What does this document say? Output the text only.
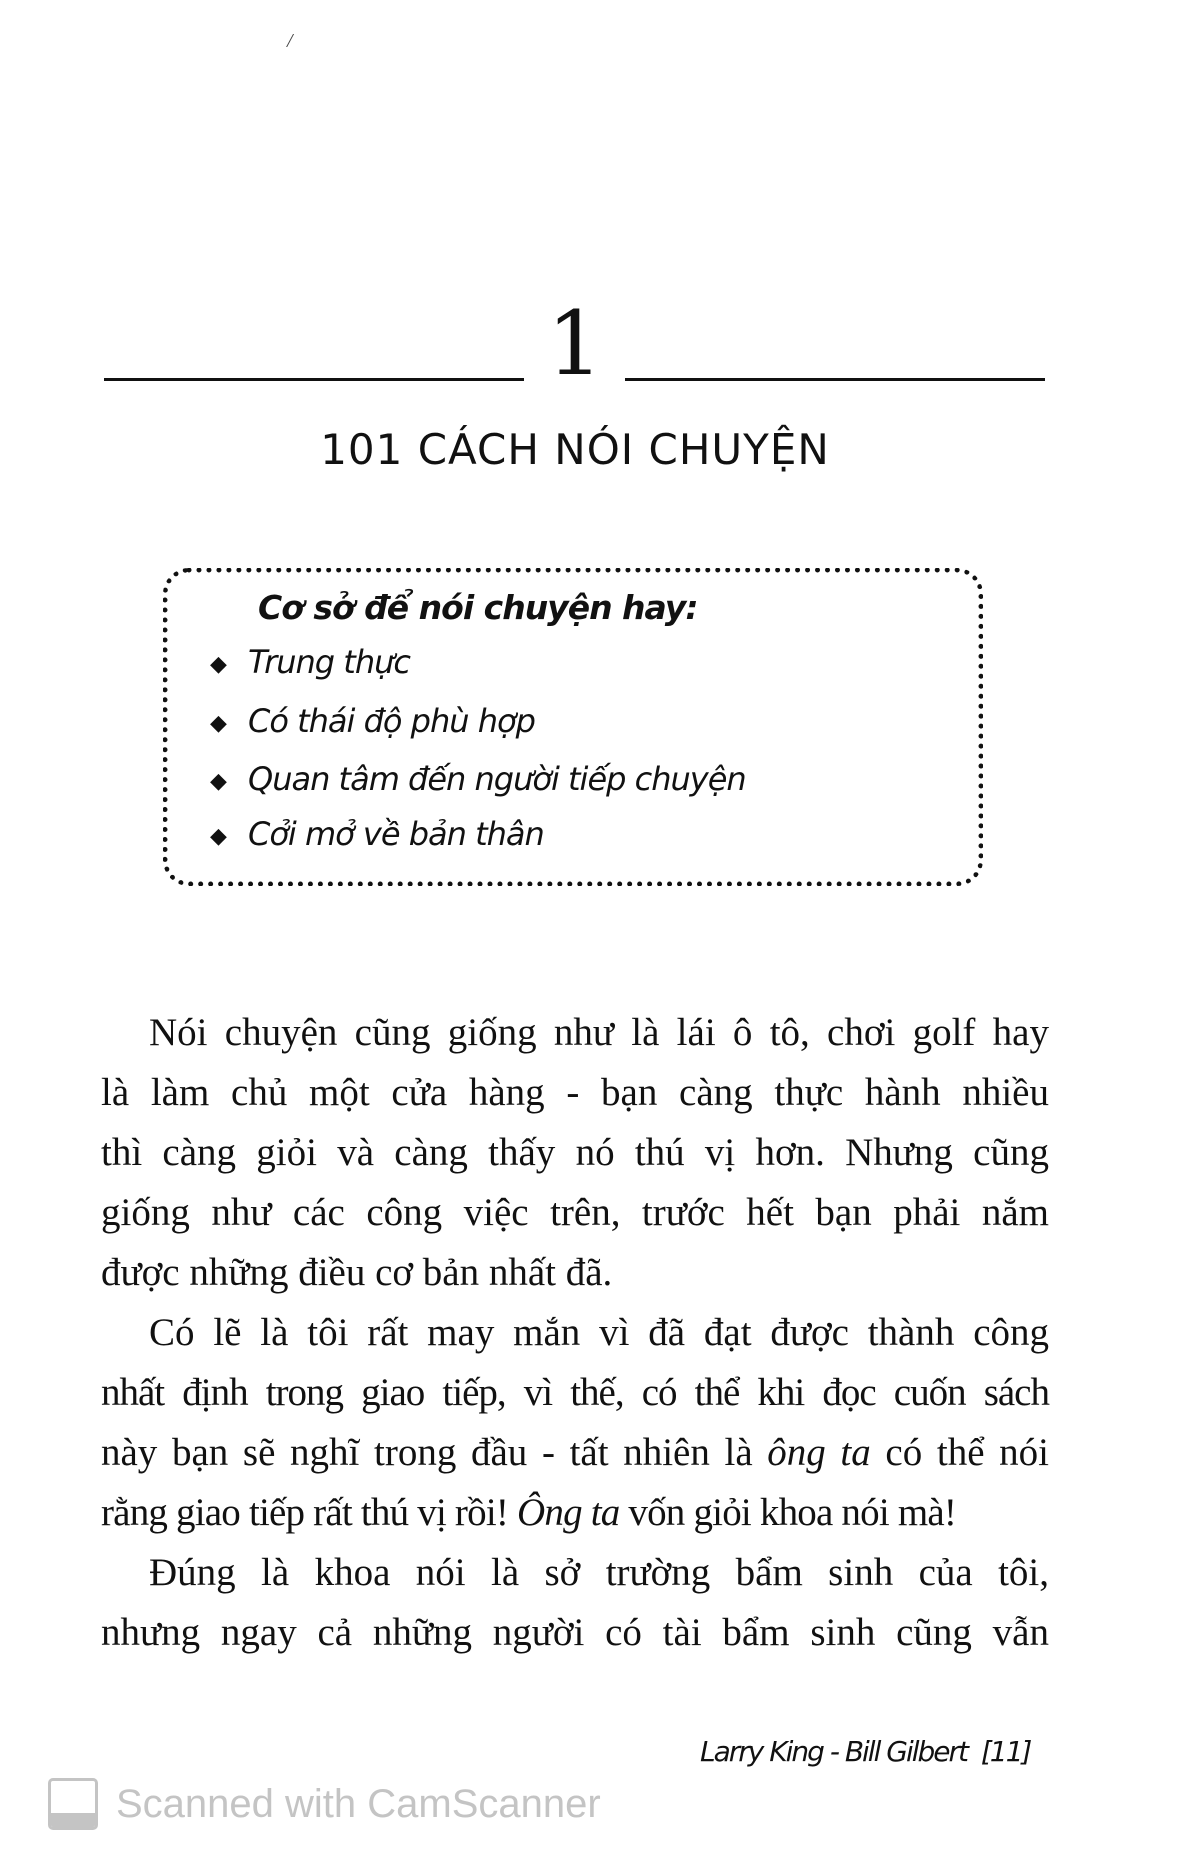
/
1
101 CÁCH NÓI CHUYỆN
Cơ sở để nói chuyện hay:
◆ Trung thực
◆ Có thái độ phù hợp
◆ Quan tâm đến người tiếp chuyện
◆ Cởi mở về bản thân
Nói chuyện cũng giống như là lái ô tô, chơi golf hay
là làm chủ một cửa hàng - bạn càng thực hành nhiều
thì càng giỏi và càng thấy nó thú vị hơn. Nhưng cũng
giống như các công việc trên, trước hết bạn phải nắm
được những điều cơ bản nhất đã.
Có lẽ là tôi rất may mắn vì đã đạt được thành công
nhất định trong giao tiếp, vì thế, có thể khi đọc cuốn sách
này bạn sẽ nghĩ trong đầu - tất nhiên là ông ta có thể nói
rằng giao tiếp rất thú vị rồi! Ông ta vốn giỏi khoa nói mà!
Đúng là khoa nói là sở trường bẩm sinh của tôi,
nhưng ngay cả những người có tài bẩm sinh cũng vẫn
Larry King - Bill Gilbert [11]
Scanned with CamScanner
